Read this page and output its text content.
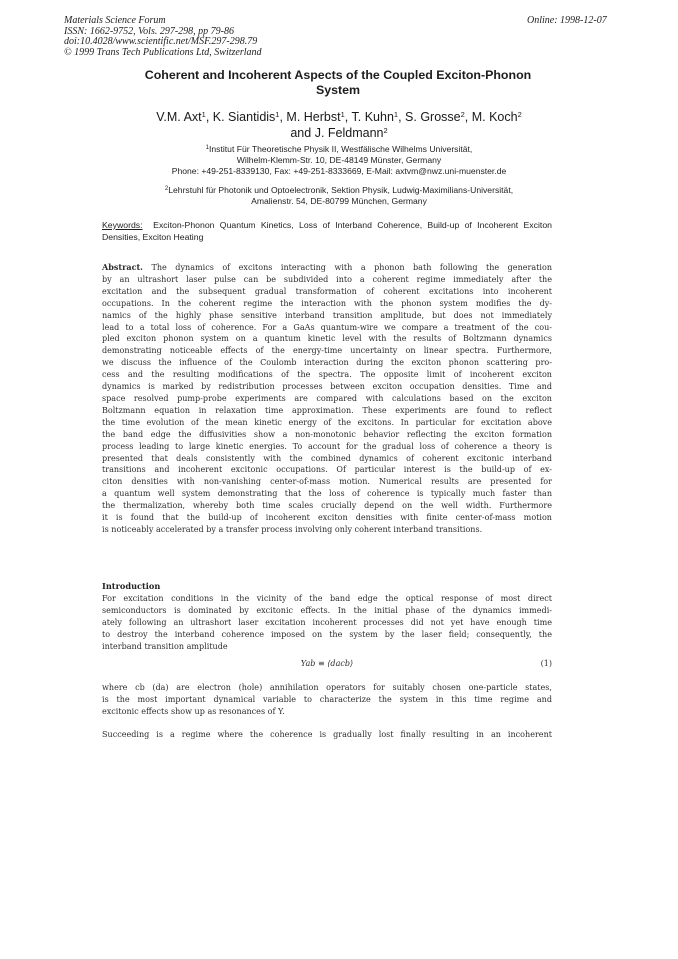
Materials Science Forum
ISSN: 1662-9752, Vols. 297-298, pp 79-86
doi:10.4028/www.scientific.net/MSF.297-298.79
© 1999 Trans Tech Publications Ltd, Switzerland
Online: 1998-12-07
Coherent and Incoherent Aspects of the Coupled Exciton-Phonon
System
V.M. Axt$^1$, K. Siantidis$^1$, M. Herbst$^1$, T. Kuhn$^1$, S. Grosse$^2$, M. Koch$^2$
and J. Feldmann$^2$
$^1$Institut Für Theoretische Physik II, Westfälische Wilhelms Universität,
Wilhelm-Klemm-Str. 10, DE-48149 Münster, Germany
Phone: +49-251-8339130, Fax: +49-251-8333669, E-Mail: axtvm@nwz.uni-muenster.de
$^2$Lehrstuhl für Photonik und Optoelectronik, Sektion Physik, Ludwig-Maximilians-Universität,
Amalienstr. 54, DE-80799 München, Germany
Keywords: Exciton-Phonon Quantum Kinetics, Loss of Interband Coherence, Build-up of Incoherent Exciton Densities, Exciton Heating
Abstract. The dynamics of excitons interacting with a phonon bath following the generation
by an ultrashort laser pulse can be subdivided into a coherent regime immediately after the
excitation and the subsequent gradual transformation of coherent excitations into incoherent
occupations. In the coherent regime the interaction with the phonon system modifies the dy-
namics of the highly phase sensitive interband transition amplitude, but does not immediately
lead to a total loss of coherence. For a GaAs quantum-wire we compare a treatment of the cou-
pled exciton phonon system on a quantum kinetic level with the results of Boltzmann dynamics
demonstrating noticeable effects of the energy-time uncertainty on linear spectra. Furthermore,
we discuss the influence of the Coulomb interaction during the exciton phonon scattering pro-
cess and the resulting modifications of the spectra. The opposite limit of incoherent exciton
dynamics is marked by redistribution processes between exciton occupation densities. Time and
space resolved pump-probe experiments are compared with calculations based on the exciton
Boltzmann equation in relaxation time approximation. These experiments are found to reflect
the time evolution of the mean kinetic energy of the excitons. In particular for excitation above
the band edge the diffusivities show a non-monotonic behavior reflecting the exciton formation
process leading to large kinetic energies. To account for the gradual loss of coherence a theory is
presented that deals consistently with the combined dynamics of coherent excitonic interband
transitions and incoherent excitonic occupations. Of particular interest is the build-up of ex-
citon densities with non-vanishing center-of-mass motion. Numerical results are presented for
a quantum well system demonstrating that the loss of coherence is typically much faster than
the thermalization, whereby both time scales crucially depend on the well width. Furthermore
it is found that the build-up of incoherent exciton densities with finite center-of-mass motion
is noticeably accelerated by a transfer process involving only coherent interband transitions.
Introduction
For excitation conditions in the vicinity of the band edge the optical response of most direct
semiconductors is dominated by excitonic effects. In the initial phase of the dynamics immedi-
ately following an ultrashort laser excitation incoherent processes did not yet have enough time
to destroy the interband coherence imposed on the system by the laser field; consequently, the
interband transition amplitude
Yab ≡ ⟨dacb⟩	(1)
where cb (da) are electron (hole) annihilation operators for suitably chosen one-particle states,
is the most important dynamical variable to characterize the system in this time regime and
excitonic effects show up as resonances of Y.
Succeeding is a regime where the coherence is gradually lost finally resulting in an incoherent
